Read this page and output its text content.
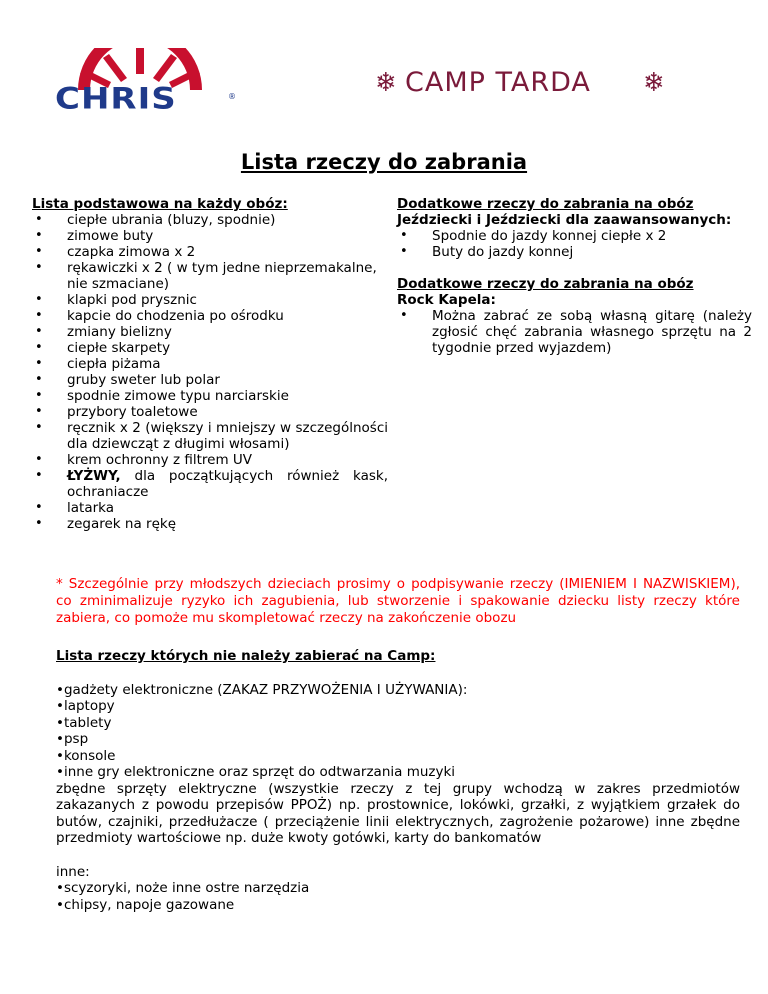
CHRIS	®	❄ CAMP TARDA ❄
Lista rzeczy do zabrania
Lista podstawowa na każdy obóz:
• ciepłe ubrania (bluzy, spodnie)
• zimowe buty
• czapka zimowa x 2
• rękawiczki x 2 ( w tym jedne nieprzemakalne, nie szmaciane)
• klapki pod prysznic
• kapcie do chodzenia po ośrodku
• zmiany bielizny
• ciepłe skarpety
• ciepła piżama
• gruby sweter lub polar
• spodnie zimowe typu narciarskie
• przybory toaletowe
• ręcznik x 2 (większy i mniejszy w szczególności dla dziewcząt z długimi włosami)
• krem ochronny z filtrem UV
• ŁYŻWY, dla początkujących również kask, ochraniacze
• latarka
• zegarek na rękę
Dodatkowe rzeczy do zabrania na obóz
Jeździecki i Jeździecki dla zaawansowanych:
• Spodnie do jazdy konnej ciepłe x 2
• Buty do jazdy konnej
Dodatkowe rzeczy do zabrania na obóz
Rock Kapela:
• Można zabrać ze sobą własną gitarę (należy zgłosić chęć zabrania własnego sprzętu na 2 tygodnie przed wyjazdem)
* Szczególnie przy młodszych dzieciach prosimy o podpisywanie rzeczy (IMIENIEM I NAZWISKIEM), co zminimalizuje ryzyko ich zagubienia, lub stworzenie i spakowanie dziecku listy rzeczy które zabiera, co pomoże mu skompletować rzeczy na zakończenie obozu
Lista rzeczy których nie należy zabierać na Camp:
•gadżety elektroniczne (ZAKAZ PRZYWOŻENIA I UŻYWANIA):
•laptopy
•tablety
•psp
•konsole
•inne gry elektroniczne oraz sprzęt do odtwarzania muzyki
zbędne sprzęty elektryczne (wszystkie rzeczy z tej grupy wchodzą w zakres przedmiotów zakazanych z powodu przepisów PPOŻ) np. prostownice, lokówki, grzałki, z wyjątkiem grzałek do butów, czajniki, przedłużacze ( przeciążenie linii elektrycznych, zagrożenie pożarowe) inne zbędne przedmioty wartościowe np. duże kwoty gotówki, karty do bankomatów
inne:
•scyzoryki, noże inne ostre narzędzia
•chipsy, napoje gazowane
